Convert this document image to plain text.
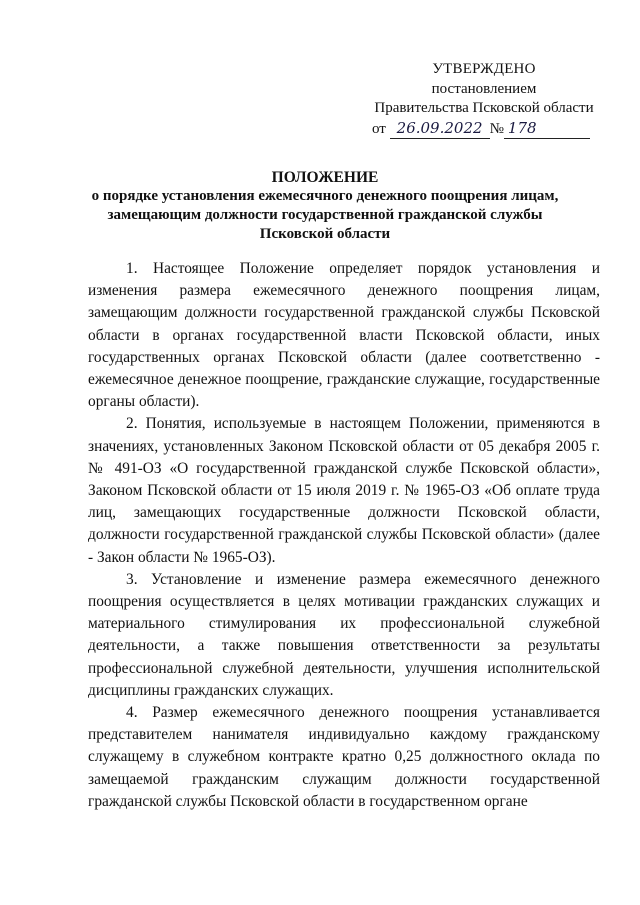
УТВЕРЖДЕНО
постановлением
Правительства Псковской области
от 26.09.2022 № 178
ПОЛОЖЕНИЕ
о порядке установления ежемесячного денежного поощрения лицам, замещающим должности государственной гражданской службы Псковской области

1. Настоящее Положение определяет порядок установления и изменения размера ежемесячного денежного поощрения лицам, замещающим должности государственной гражданской службы Псковской области в органах государственной власти Псковской области, иных государственных органах Псковской области (далее соответственно - ежемесячное денежное поощрение, гражданские служащие, государственные органы области).

2. Понятия, используемые в настоящем Положении, применяются в значениях, установленных Законом Псковской области от 05 декабря 2005 г. № 491-ОЗ «О государственной гражданской службе Псковской области», Законом Псковской области от 15 июля 2019 г. № 1965-ОЗ «Об оплате труда лиц, замещающих государственные должности Псковской области, должности государственной гражданской службы Псковской области» (далее - Закон области № 1965-ОЗ).

3. Установление и изменение размера ежемесячного денежного поощрения осуществляется в целях мотивации гражданских служащих и материального стимулирования их профессиональной служебной деятельности, а также повышения ответственности за результаты профессиональной служебной деятельности, улучшения исполнительской дисциплины гражданских служащих.

4. Размер ежемесячного денежного поощрения устанавливается представителем нанимателя индивидуально каждому гражданскому служащему в служебном контракте кратно 0,25 должностного оклада по замещаемой гражданским служащим должности государственной гражданской службы Псковской области в государственном органе
